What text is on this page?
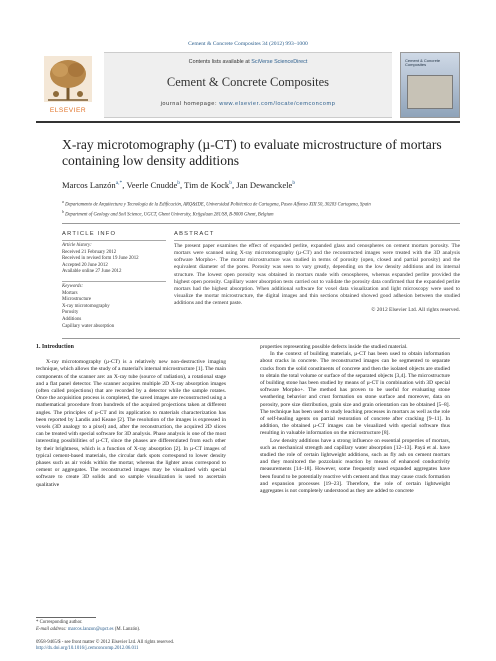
Cement & Concrete Composites 34 (2012) 993–1000
ELSEVIER
Contents lists available at SciVerse ScienceDirect
Cement & Concrete Composites
journal homepage: www.elsevier.com/locate/cemconcomp
Cement & Concrete Composites
X-ray microtomography (µ-CT) to evaluate microstructure of mortars containing low density additions
Marcos Lanzón$^{a,*}$, Veerle Cnudde$^b$, Tim de Kock$^b$, Jan Dewanckele$^b$
$^a$ Departamento de Arquitectura y Tecnología de la Edificación, ARQ&IDE, Universidad Politécnica de Cartagena, Paseo Alfonso XIII 50, 30203 Cartagena, Spain
$^b$ Department of Geology and Soil Science, UGCT, Ghent University, Krijgslaan 281/S8, B-9000 Ghent, Belgium
ARTICLE INFO
Article history:
Received 21 February 2012
Received in revised form 19 June 2012
Accepted 20 June 2012
Available online 27 June 2012
Keywords:
Mortars
Microstructure
X-ray microtomography
Porosity
Additions
Capillary water absorption
ABSTRACT
The present paper examines the effect of expanded perlite, expanded glass and cenospheres on cement mortars porosity. The mortars were scanned using X-ray microtomography (µ-CT) and the reconstructed images were treated with the 3D analysis software Morpho+. The mortar microstructure was studied in terms of porosity (open, closed and partial porosity) and the equivalent diameter of the pores. Porosity was seen to vary greatly, depending on the low density additions and its internal structure. The lowest open porosity was obtained in mortars made with cenospheres, whereas expanded perlite provided the highest open porosity. Capillary water absorption tests carried out to validate the porosity data confirmed that the expanded perlite mortars had the highest absorption. When additional software for voxel data visualization and light microscopy were used to visualize the mortar microstructure, the digital images and thin sections obtained showed good adhesion between the studied additions and the cement paste.
© 2012 Elsevier Ltd. All rights reserved.
1. Introduction

X-ray microtomography (µ-CT) is a relatively new non-destructive imaging technique, which allows the study of a material's internal microstructure [1]. The main components of the scanner are: an X-ray tube (source of radiation), a rotational stage and a flat panel detector. The scanner acquires multiple 2D X-ray absorption images (often called projections) that are recorded by a detector while the sample rotates. Once the acquisition process is completed, the saved images are reconstructed using a mathematical procedure from hundreds of the acquired projections taken at different angles. The principles of µ-CT and its application to materials characterization has been reported by Landis and Keane [2]. The resolution of the images is expressed in voxels (3D analogy to a pixel) and, after the reconstruction, the acquired 2D slices can be treated with special software for 3D analysis. Phase analysis is one of the most interesting possibilities of µ-CT, since the phases are differentiated from each other by their brightness, which is a function of X-ray absorption [2]. In µ-CT images of typical cement-based materials, the circular dark spots correspond to lower density phases such as air voids within the mortar, whereas the lighter areas correspond to cement or aggregates. The reconstructed images may be visualized with special software to create 3D solids and so sample visualization is used to ascertain qualitative

properties representing possible defects inside the studied material.

In the context of building materials, µ-CT has been used to obtain information about cracks in concrete. The reconstructed images can be segmented to separate cracks from the solid constituents of concrete and then the isolated objects are studied to obtain the total volume or surface of the separated objects [3,4]. The microstructure of building stone has been studied by means of µ-CT in combination with 3D special software Morpho+. The method has proven to be useful for evaluating stone weathering behavior and crust formation on stone surface and moreover, data on porosity, pore size distribution, grain size and grain orientation can be obtained [5–8]. The technique has been used to study leaching processes in mortars as well as the role of self-healing agents on partial restoration of concrete after cracking [9–11]. In addition, the obtained µ-CT images can be visualized with special software thus resulting in valuable information on the microstructure [8].

Low density additions have a strong influence on essential properties of mortars, such as mechanical strength and capillary water absorption [12–13]. Payá et al. have studied the role of certain lightweight additions, such as fly ash on cement mortars and they monitored the pozzolanic reaction by means of enhanced conductivity measurements [14–18]. However, some frequently used expanded aggregates have been found to be potentially reactive with cement and thus may cause crack formation and expansion processes [19–23]. Therefore, the role of certain lightweight aggregates is not completely understood as they are added to concrete

* Corresponding author.
E-mail address: marcos.lanzon@upct.es (M. Lanzón).
0958-9465/$ - see front matter © 2012 Elsevier Ltd. All rights reserved.
http://dx.doi.org/10.1016/j.cemconcomp.2012.06.011
